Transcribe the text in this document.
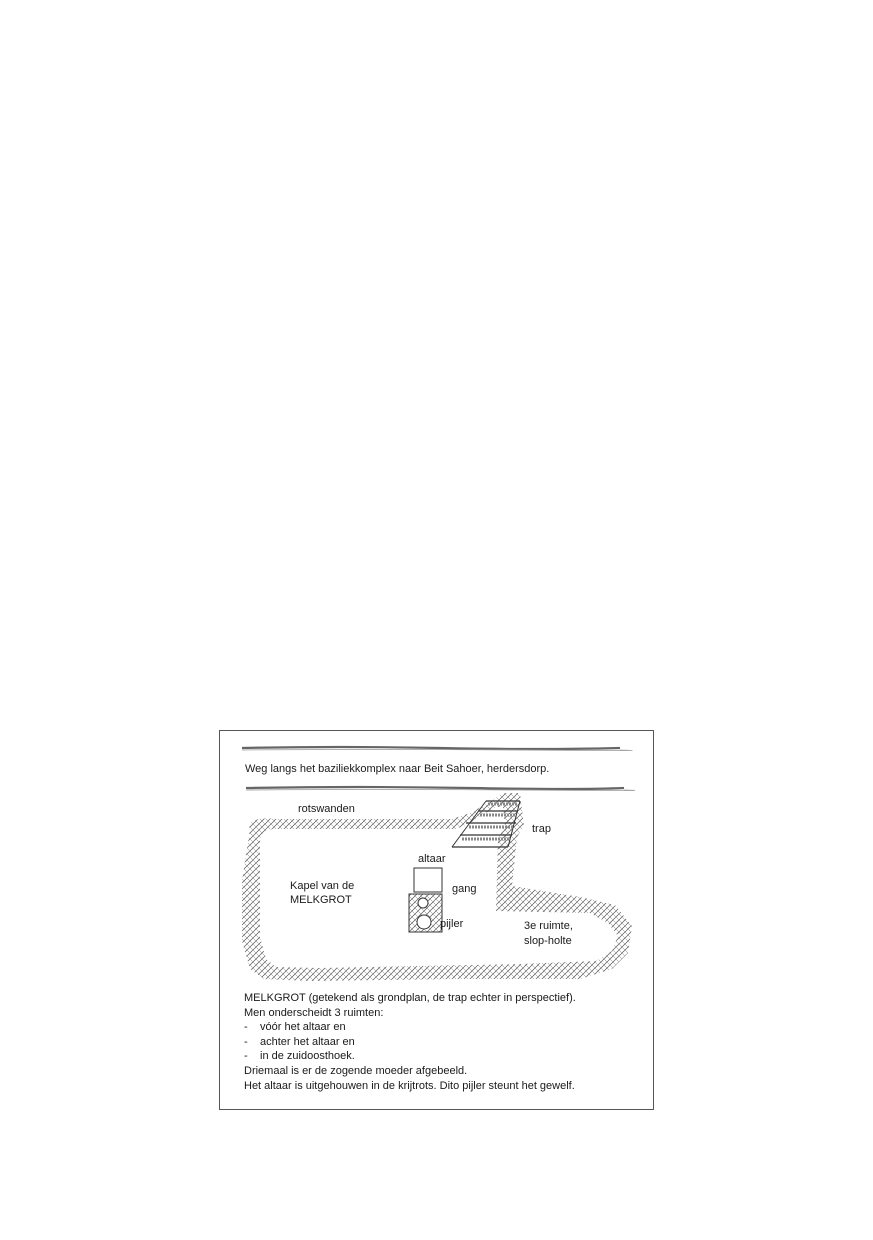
Weg langs het baziliekkomplex naar Beit Sahoer, herdersdorp.
rotswanden
trap
altaar
gang
pijler
Kapel van de
MELKGROT
3e ruimte,
slop-holte
MELKGROT (getekend als grondplan, de trap echter in perspectief).
Men onderscheidt 3 ruimten:
- vóór het altaar en
- achter het altaar en
- in de zuidoosthoek.
Driemaal is er de zogende moeder afgebeeld.
Het altaar is uitgehouwen in de krijtrots. Dito pijler steunt het gewelf.
